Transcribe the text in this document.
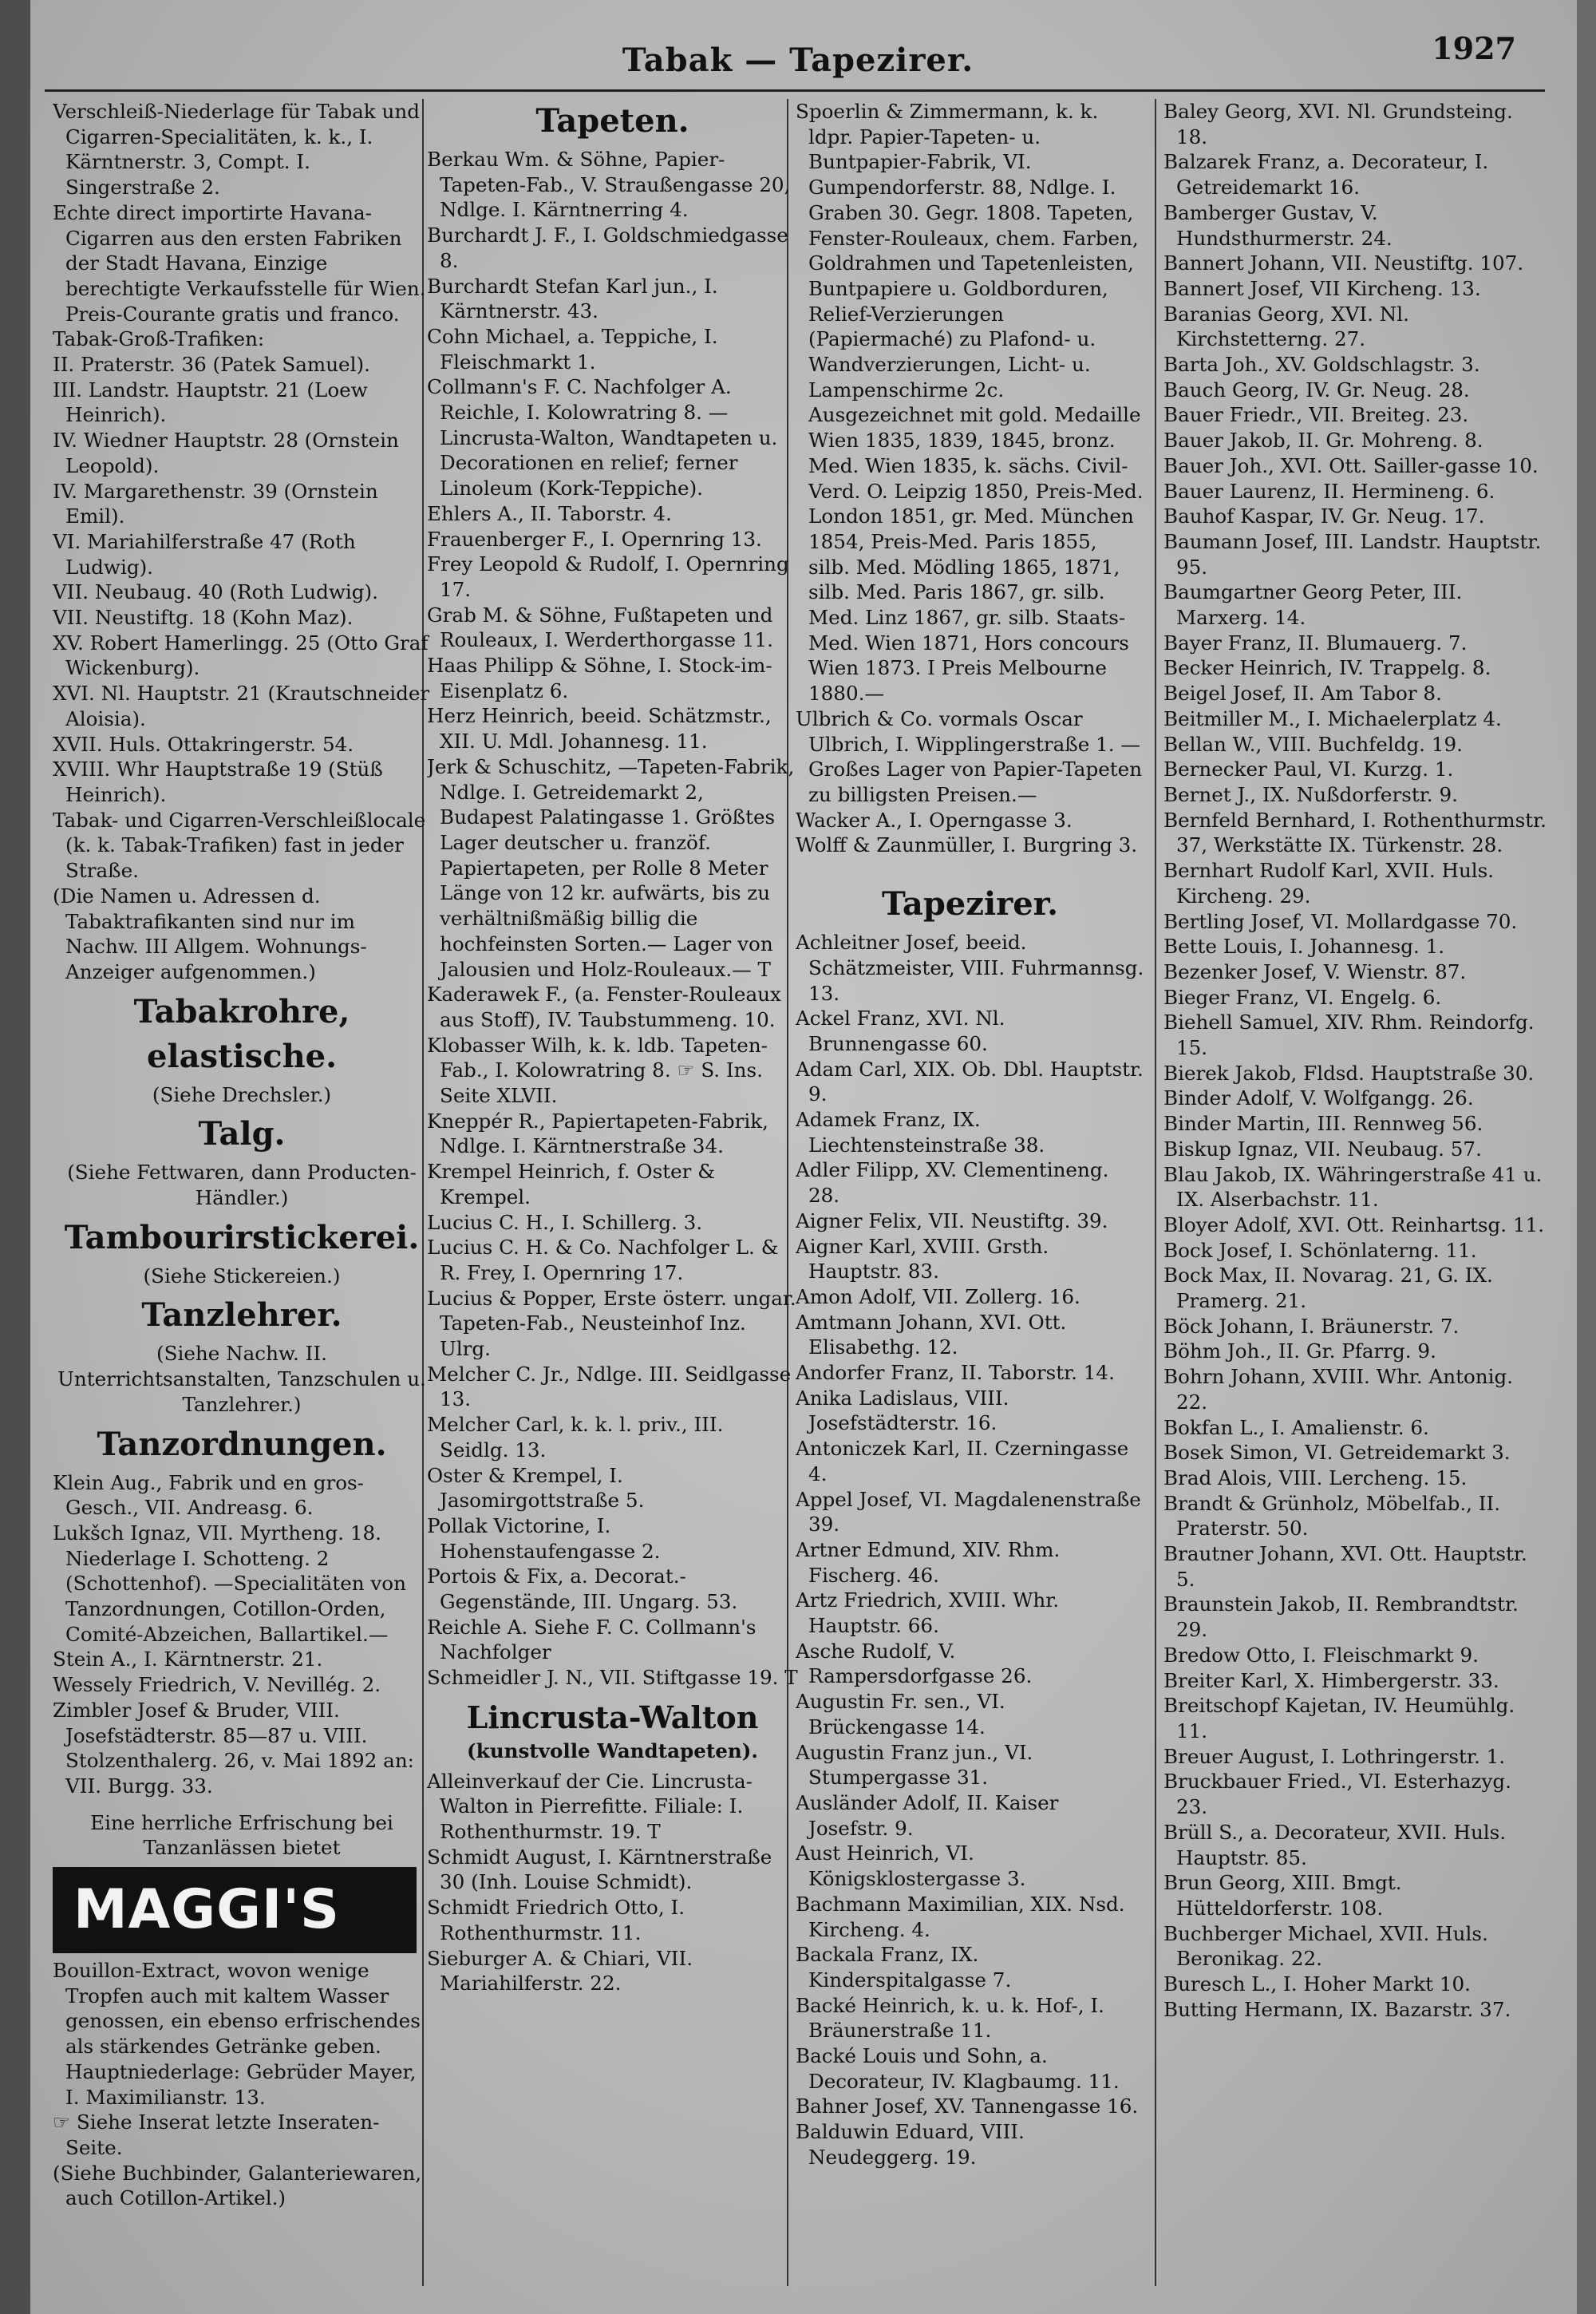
Tabak — Tapezirer.	1927

Verschleiß-Niederlage für Tabak und Cigarren-Specialitäten, k. k., I. Kärntnerstr. 3, Compt. I. Singerstraße 2.

Echte direct importirte Havana-Cigarren aus den ersten Fabriken der Stadt Havana, Einzige berechtigte Verkaufsstelle für Wien. Preis-Courante gratis und franco.

Tabak-Groß-Trafiken:

II. Praterstr. 36 (Patek Samuel).

III. Landstr. Hauptstr. 21 (Loew Heinrich).

IV. Wiedner Hauptstr. 28 (Ornstein Leopold).

IV. Margarethenstr. 39 (Ornstein Emil).

VI. Mariahilferstraße 47 (Roth Ludwig).

VII. Neubaug. 40 (Roth Ludwig).

VII. Neustiftg. 18 (Kohn Maz).

XV. Robert Hamerlingg. 25 (Otto Graf Wickenburg).

XVI. Nl. Hauptstr. 21 (Krautschneider Aloisia).

XVII. Huls. Ottakringerstr. 54.

XVIII. Whr Hauptstraße 19 (Stüß Heinrich).

Tabak- und Cigarren-Verschleißlocale (k. k. Tabak-Trafiken) fast in jeder Straße.

(Die Namen u. Adressen d. Tabaktrafikanten sind nur im Nachw. III Allgem. Wohnungs-Anzeiger aufgenommen.)

Tabakrohre, elastische.

(Siehe Drechsler.)

Talg.

(Siehe Fettwaren, dann Producten-Händler.)

Tambourirstickerei.

(Siehe Stickereien.)

Tanzlehrer.

(Siehe Nachw. II. Unterrichtsanstalten, Tanzschulen u. Tanzlehrer.)

Tanzordnungen.

Klein Aug., Fabrik und en gros-Gesch., VII. Andreasg. 6.

Lukšch Ignaz, VII. Myrtheng. 18. Niederlage I. Schotteng. 2 (Schottenhof). —Specialitäten von Tanzordnungen, Cotillon-Orden, Comité-Abzeichen, Ballartikel.—

Stein A., I. Kärntnerstr. 21.

Wessely Friedrich, V. Nevillég. 2.

Zimbler Josef & Bruder, VIII. Josefstädterstr. 85—87 u. VIII. Stolzenthalerg. 26, v. Mai 1892 an: VII. Burgg. 33.

Eine herrliche Erfrischung bei Tanzanlässen bietet

MAGGI'S

Bouillon-Extract, wovon wenige Tropfen auch mit kaltem Wasser genossen, ein ebenso erfrischendes als stärkendes Getränke geben. Hauptniederlage: Gebrüder Mayer, I. Maximilianstr. 13.

☞ Siehe Inserat letzte Inseraten-Seite.

(Siehe Buchbinder, Galanteriewaren, auch Cotillon-Artikel.)

Tapeten.

Berkau Wm. & Söhne, Papier-Tapeten-Fab., V. Straußengasse 20, Ndlge. I. Kärntnerring 4.

Burchardt J. F., I. Goldschmiedgasse 8.

Burchardt Stefan Karl jun., I. Kärntnerstr. 43.

Cohn Michael, a. Teppiche, I. Fleischmarkt 1.

Collmann's F. C. Nachfolger A. Reichle, I. Kolowratring 8. —Lincrusta-Walton, Wandtapeten u. Decorationen en relief; ferner Linoleum (Kork-Teppiche).

Ehlers A., II. Taborstr. 4.

Frauenberger F., I. Opernring 13.

Frey Leopold & Rudolf, I. Opernring 17.

Grab M. & Söhne, Fußtapeten und Rouleaux, I. Werderthorgasse 11.

Haas Philipp & Söhne, I. Stock-im-Eisenplatz 6.

Herz Heinrich, beeid. Schätzmstr., XII. U. Mdl. Johannesg. 11.

Jerk & Schuschitz, —Tapeten-Fabrik, Ndlge. I. Getreidemarkt 2, Budapest Palatingasse 1. Größtes Lager deutscher u. franzöf. Papiertapeten, per Rolle 8 Meter Länge von 12 kr. aufwärts, bis zu verhältnißmäßig billig die hochfeinsten Sorten.— Lager von Jalousien und Holz-Rouleaux.— T

Kaderawek F., (a. Fenster-Rouleaux aus Stoff), IV. Taubstummeng. 10.

Klobasser Wilh, k. k. ldb. Tapeten-Fab., I. Kolowratring 8. ☞ S. Ins. Seite XLVII.

Kneppér R., Papiertapeten-Fabrik, Ndlge. I. Kärntnerstraße 34.

Krempel Heinrich, f. Oster & Krempel.

Lucius C. H., I. Schillerg. 3.

Lucius C. H. & Co. Nachfolger L. & R. Frey, I. Opernring 17.

Lucius & Popper, Erste österr. ungar. Tapeten-Fab., Neusteinhof Inz. Ulrg.

Melcher C. Jr., Ndlge. III. Seidlgasse 13.

Melcher Carl, k. k. l. priv., III. Seidlg. 13.

Oster & Krempel, I. Jasomirgottstraße 5.

Pollak Victorine, I. Hohenstaufengasse 2.

Portois & Fix, a. Decorat.-Gegenstände, III. Ungarg. 53.

Reichle A. Siehe F. C. Collmann's Nachfolger

Schmeidler J. N., VII. Stiftgasse 19. T

Lincrusta-Walton

(kunstvolle Wandtapeten).

Alleinverkauf der Cie. Lincrusta-Walton in Pierrefitte. Filiale: I. Rothenthurmstr. 19. T

Schmidt August, I. Kärntnerstraße 30 (Inh. Louise Schmidt).

Schmidt Friedrich Otto, I. Rothenthurmstr. 11.

Sieburger A. & Chiari, VII. Mariahilferstr. 22.

Spoerlin & Zimmermann, k. k. ldpr. Papier-Tapeten- u. Buntpapier-Fabrik, VI. Gumpendorferstr. 88, Ndlge. I. Graben 30. Gegr. 1808. Tapeten, Fenster-Rouleaux, chem. Farben, Goldrahmen und Tapetenleisten, Buntpapiere u. Goldborduren, Relief-Verzierungen (Papiermaché) zu Plafond- u. Wandverzierungen, Licht- u. Lampenschirme 2c. Ausgezeichnet mit gold. Medaille Wien 1835, 1839, 1845, bronz. Med. Wien 1835, k. sächs. Civil-Verd. O. Leipzig 1850, Preis-Med. London 1851, gr. Med. München 1854, Preis-Med. Paris 1855, silb. Med. Mödling 1865, 1871, silb. Med. Paris 1867, gr. silb. Med. Linz 1867, gr. silb. Staats-Med. Wien 1871, Hors concours Wien 1873. I Preis Melbourne 1880.—

Ulbrich & Co. vormals Oscar Ulbrich, I. Wipplingerstraße 1. —Großes Lager von Papier-Tapeten zu billigsten Preisen.—

Wacker A., I. Operngasse 3.

Wolff & Zaunmüller, I. Burgring 3.

Tapezirer.

Achleitner Josef, beeid. Schätzmeister, VIII. Fuhrmannsg. 13.

Ackel Franz, XVI. Nl. Brunnengasse 60.

Adam Carl, XIX. Ob. Dbl. Hauptstr. 9.

Adamek Franz, IX. Liechtensteinstraße 38.

Adler Filipp, XV. Clementineng. 28.

Aigner Felix, VII. Neustiftg. 39.

Aigner Karl, XVIII. Grsth. Hauptstr. 83.

Amon Adolf, VII. Zollerg. 16.

Amtmann Johann, XVI. Ott. Elisabethg. 12.

Andorfer Franz, II. Taborstr. 14.

Anika Ladislaus, VIII. Josefstädterstr. 16.

Antoniczek Karl, II. Czerningasse 4.

Appel Josef, VI. Magdalenenstraße 39.

Artner Edmund, XIV. Rhm. Fischerg. 46.

Artz Friedrich, XVIII. Whr. Hauptstr. 66.

Asche Rudolf, V. Rampersdorfgasse 26.

Augustin Fr. sen., VI. Brückengasse 14.

Augustin Franz jun., VI. Stumpergasse 31.

Ausländer Adolf, II. Kaiser Josefstr. 9.

Aust Heinrich, VI. Königsklostergasse 3.

Bachmann Maximilian, XIX. Nsd. Kircheng. 4.

Backala Franz, IX. Kinderspitalgasse 7.

Backé Heinrich, k. u. k. Hof-, I. Bräunerstraße 11.

Backé Louis und Sohn, a. Decorateur, IV. Klagbaumg. 11.

Bahner Josef, XV. Tannengasse 16.

Balduwin Eduard, VIII. Neudeggerg. 19.

Baley Georg, XVI. Nl. Grundsteing. 18.

Balzarek Franz, a. Decorateur, I. Getreidemarkt 16.

Bamberger Gustav, V. Hundsthurmerstr. 24.

Bannert Johann, VII. Neustiftg. 107.

Bannert Josef, VII Kircheng. 13.

Baranias Georg, XVI. Nl. Kirchstetterng. 27.

Barta Joh., XV. Goldschlagstr. 3.

Bauch Georg, IV. Gr. Neug. 28.

Bauer Friedr., VII. Breiteg. 23.

Bauer Jakob, II. Gr. Mohreng. 8.

Bauer Joh., XVI. Ott. Sailler-gasse 10.

Bauer Laurenz, II. Hermineng. 6.

Bauhof Kaspar, IV. Gr. Neug. 17.

Baumann Josef, III. Landstr. Hauptstr. 95.

Baumgartner Georg Peter, III. Marxerg. 14.

Bayer Franz, II. Blumauerg. 7.

Becker Heinrich, IV. Trappelg. 8.

Beigel Josef, II. Am Tabor 8.

Beitmiller M., I. Michaelerplatz 4.

Bellan W., VIII. Buchfeldg. 19.

Bernecker Paul, VI. Kurzg. 1.

Bernet J., IX. Nußdorferstr. 9.

Bernfeld Bernhard, I. Rothenthurmstr. 37, Werkstätte IX. Türkenstr. 28.

Bernhart Rudolf Karl, XVII. Huls. Kircheng. 29.

Bertling Josef, VI. Mollardgasse 70.

Bette Louis, I. Johannesg. 1.

Bezenker Josef, V. Wienstr. 87.

Bieger Franz, VI. Engelg. 6.

Biehell Samuel, XIV. Rhm. Reindorfg. 15.

Bierek Jakob, Fldsd. Hauptstraße 30.

Binder Adolf, V. Wolfgangg. 26.

Binder Martin, III. Rennweg 56.

Biskup Ignaz, VII. Neubaug. 57.

Blau Jakob, IX. Währingerstraße 41 u. IX. Alserbachstr. 11.

Bloyer Adolf, XVI. Ott. Reinhartsg. 11.

Bock Josef, I. Schönlaterng. 11.

Bock Max, II. Novarag. 21, G. IX. Pramerg. 21.

Böck Johann, I. Bräunerstr. 7.

Böhm Joh., II. Gr. Pfarrg. 9.

Bohrn Johann, XVIII. Whr. Antonig. 22.

Bokfan L., I. Amalienstr. 6.

Bosek Simon, VI. Getreidemarkt 3.

Brad Alois, VIII. Lercheng. 15.

Brandt & Grünholz, Möbelfab., II. Praterstr. 50.

Brautner Johann, XVI. Ott. Hauptstr. 5.

Braunstein Jakob, II. Rembrandtstr. 29.

Bredow Otto, I. Fleischmarkt 9.

Breiter Karl, X. Himbergerstr. 33.

Breitschopf Kajetan, IV. Heumühlg. 11.

Breuer August, I. Lothringerstr. 1.

Bruckbauer Fried., VI. Esterhazyg. 23.

Brüll S., a. Decorateur, XVII. Huls. Hauptstr. 85.

Brun Georg, XIII. Bmgt. Hütteldorferstr. 108.

Buchberger Michael, XVII. Huls. Beronikag. 22.

Buresch L., I. Hoher Markt 10.

Butting Hermann, IX. Bazarstr. 37.
